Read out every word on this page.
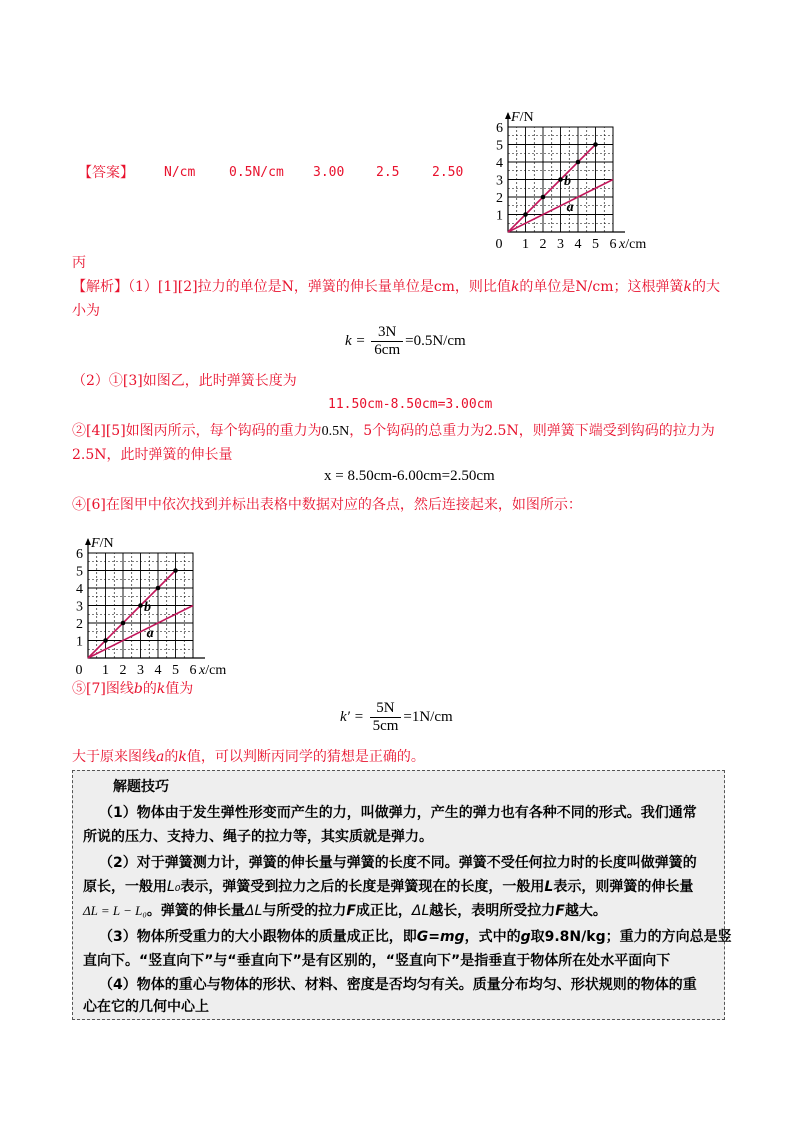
【答案】 N/cm	0.5N/cm 3.00 2.5	2.50
丙
1
2
3
4
5
6
0 1 2 3 4 5 6
F/N
x/cm
b
a
【解析】（1）[1][2]拉力的单位是N，弹簧的伸长量单位是cm，则比值k的单位是N/cm；这根弹簧k的大
小为
$k = \frac{3N}{6cm} =0.5N/cm$
（2）①[3]如图乙，此时弹簧长度为
11.50cm-8.50cm=3.00cm
②[4][5]如图丙所示，每个钩码的重力为0.5N，5个钩码的总重力为2.5N，则弹簧下端受到钩码的拉力为
2.5N，此时弹簧的伸长量
x = 8.50cm-6.00cm=2.50cm
④[6]在图甲中依次找到并标出表格中数据对应的各点，然后连接起来，如图所示：
1
2
3
4
5
6
0 1 2 3 4 5 6
F/N
x/cm
b
a
⑤[7]图线b的k值为
$k' = \frac{5N}{5cm} =1N/cm$
大于原来图线a的k值，可以判断丙同学的猜想是正确的。
解题技巧
（1）物体由于发生弹性形变而产生的力，叫做弹力，产生的弹力也有各种不同的形式。我们通常
所说的压力、支持力、绳子的拉力等，其实质就是弹力。
（2）对于弹簧测力计，弹簧的伸长量与弹簧的长度不同。弹簧不受任何拉力时的长度叫做弹簧的
原长，一般用L₀表示，弹簧受到拉力之后的长度是弹簧现在的长度，一般用L表示，则弹簧的伸长量
ΔL = L − L₀。弹簧的伸长量ΔL与所受的拉力F成正比，ΔL越长，表明所受拉力F越大。
（3）物体所受重力的大小跟物体的质量成正比，即G=mg，式中的g取9.8N/kg；重力的方向总是竖
直向下。“竖直向下”与“垂直向下”是有区别的，“竖直向下”是指垂直于物体所在处水平面向下
（4）物体的重心与物体的形状、材料、密度是否均匀有关。质量分布均匀、形状规则的物体的重
心在它的几何中心上
